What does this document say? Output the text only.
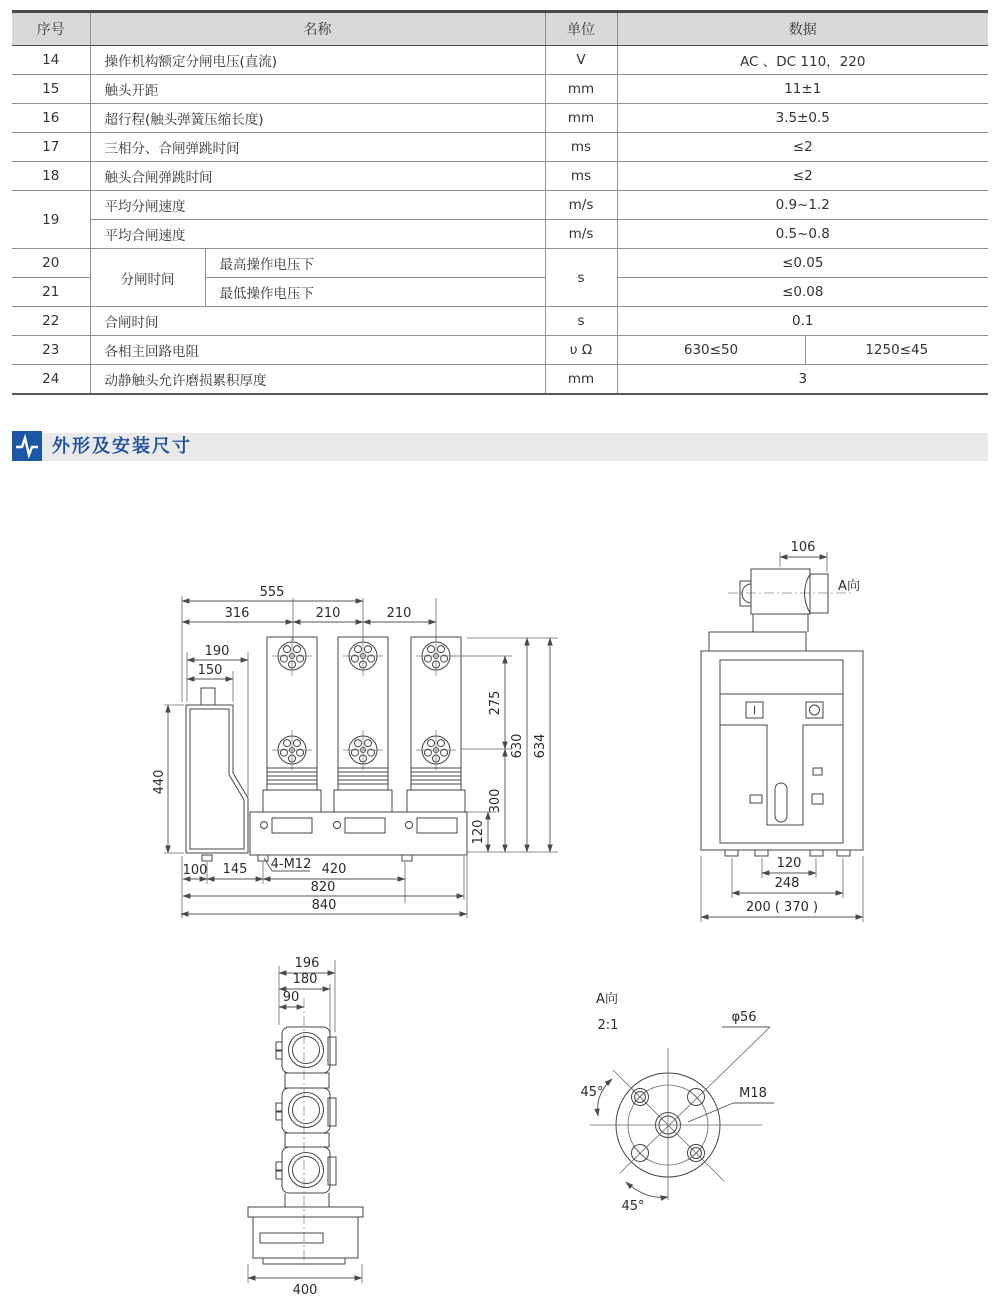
序号	名称		单位	数据	
14	操作机构额定分闸电压(直流)		V	AC 、DC 110，220	
15	触头开距		mm	11±1	
16	超行程(触头弹簧压缩长度)		mm	3.5±0.5	
17	三相分、合闸弹跳时间		ms	≤2	
18	触头合闸弹跳时间		ms	≤2	
19	平均分闸速度		m/s	0.9~1.2	
	平均合闸速度		m/s	0.5~0.8	
20	分闸时间	最高操作电压下	s	≤0.05	
21		最低操作电压下		≤0.08	
22	合闸时间		s	0.1	
23	各相主回路电阻		υ Ω	630≤50	1250≤45
24	动静触头允许磨损累积厚度		mm	3	
外形及安装尺寸
555
316	210	210
190
150
440
275
300
120
630 634
100 145	420
820
840
4-M12
106
A向
120
248
200 ( 370 )
196
180
90
400
A向
2:1
φ56
M18
45°
45°
